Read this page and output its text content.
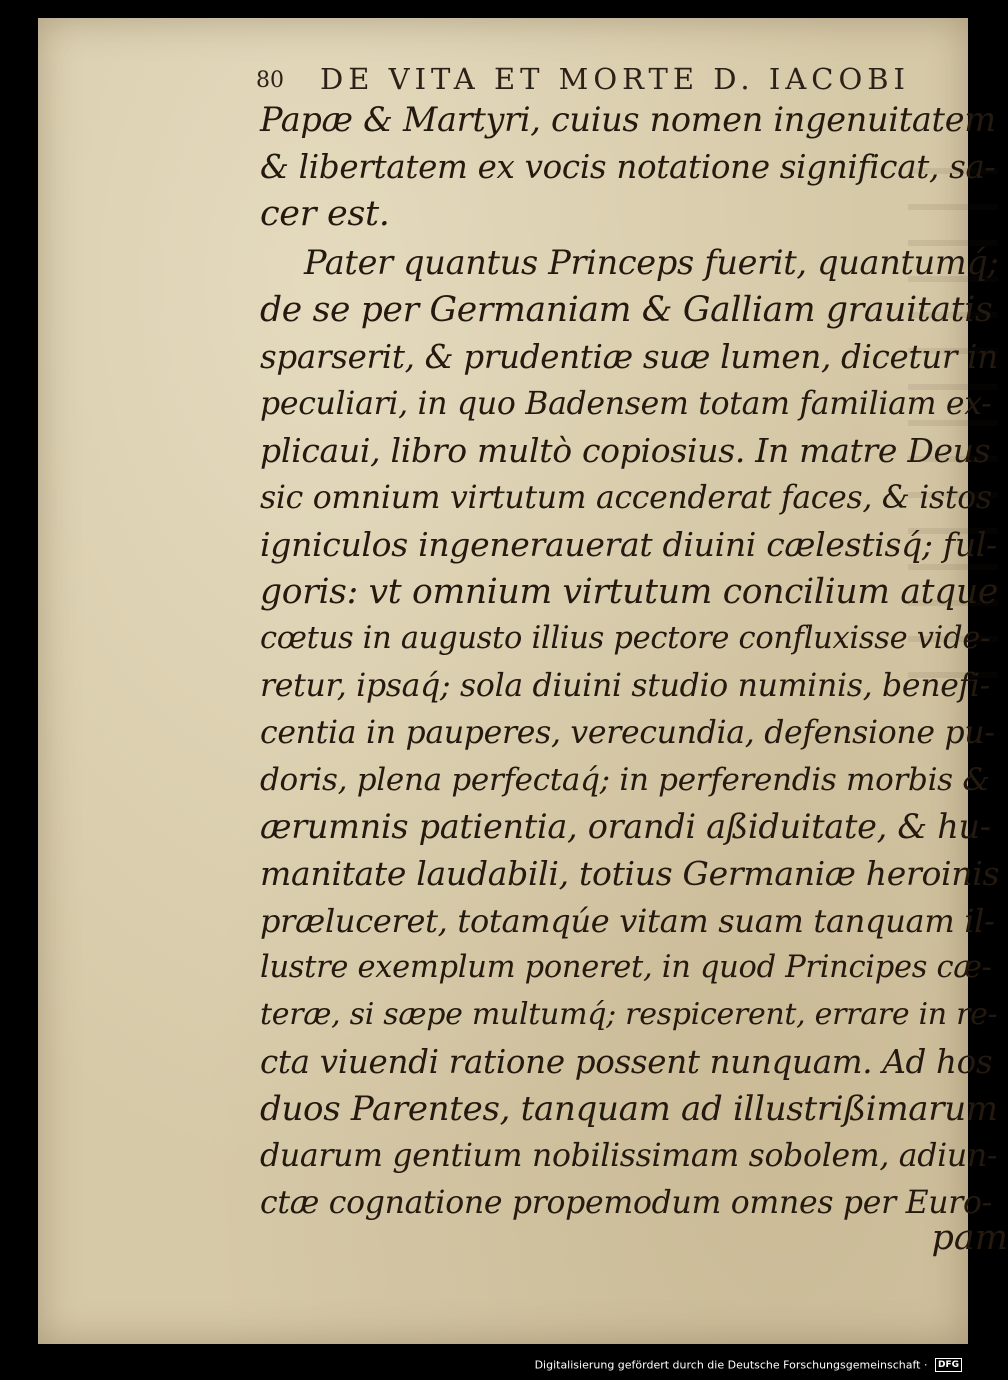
80 DE VITA ET MORTE D. IACOBI
Papæ & Martyri, cuius nomen ingenuitatem
& libertatem ex vocis notatione significat, sa-
cer est.
Pater quantus Princeps fuerit, quantumq́;
de se per Germaniam & Galliam grauitatis
sparserit, & prudentiæ suæ lumen, dicetur in
peculiari, in quo Badensem totam familiam ex-
plicaui, libro multò copiosius. In matre Deus
sic omnium virtutum accenderat faces, & istos
igniculos ingenerauerat diuini cælestisq́; ful-
goris: vt omnium virtutum concilium atque
cœtus in augusto illius pectore confluxisse vide-
retur, ipsaq́; sola diuini studio numinis, benefi-
centia in pauperes, verecundia, defensione pu-
doris, plena perfectaq́; in perferendis morbis &
ærumnis patientia, orandi aßiduitate, & hu-
manitate laudabili, totius Germaniæ heroinis
præluceret, totamqúe vitam suam tanquam il-
lustre exemplum poneret, in quod Principes cæ-
teræ, si sæpe multumq́; respicerent, errare in re-
cta viuendi ratione possent nunquam. Ad hos
duos Parentes, tanquam ad illustrißimarum
duarum gentium nobilissimam sobolem, adiun-
ctæ cognatione propemodum omnes per Euro-
pam
Digitalisierung gefördert durch die Deutsche Forschungsgemeinschaft · DFG
